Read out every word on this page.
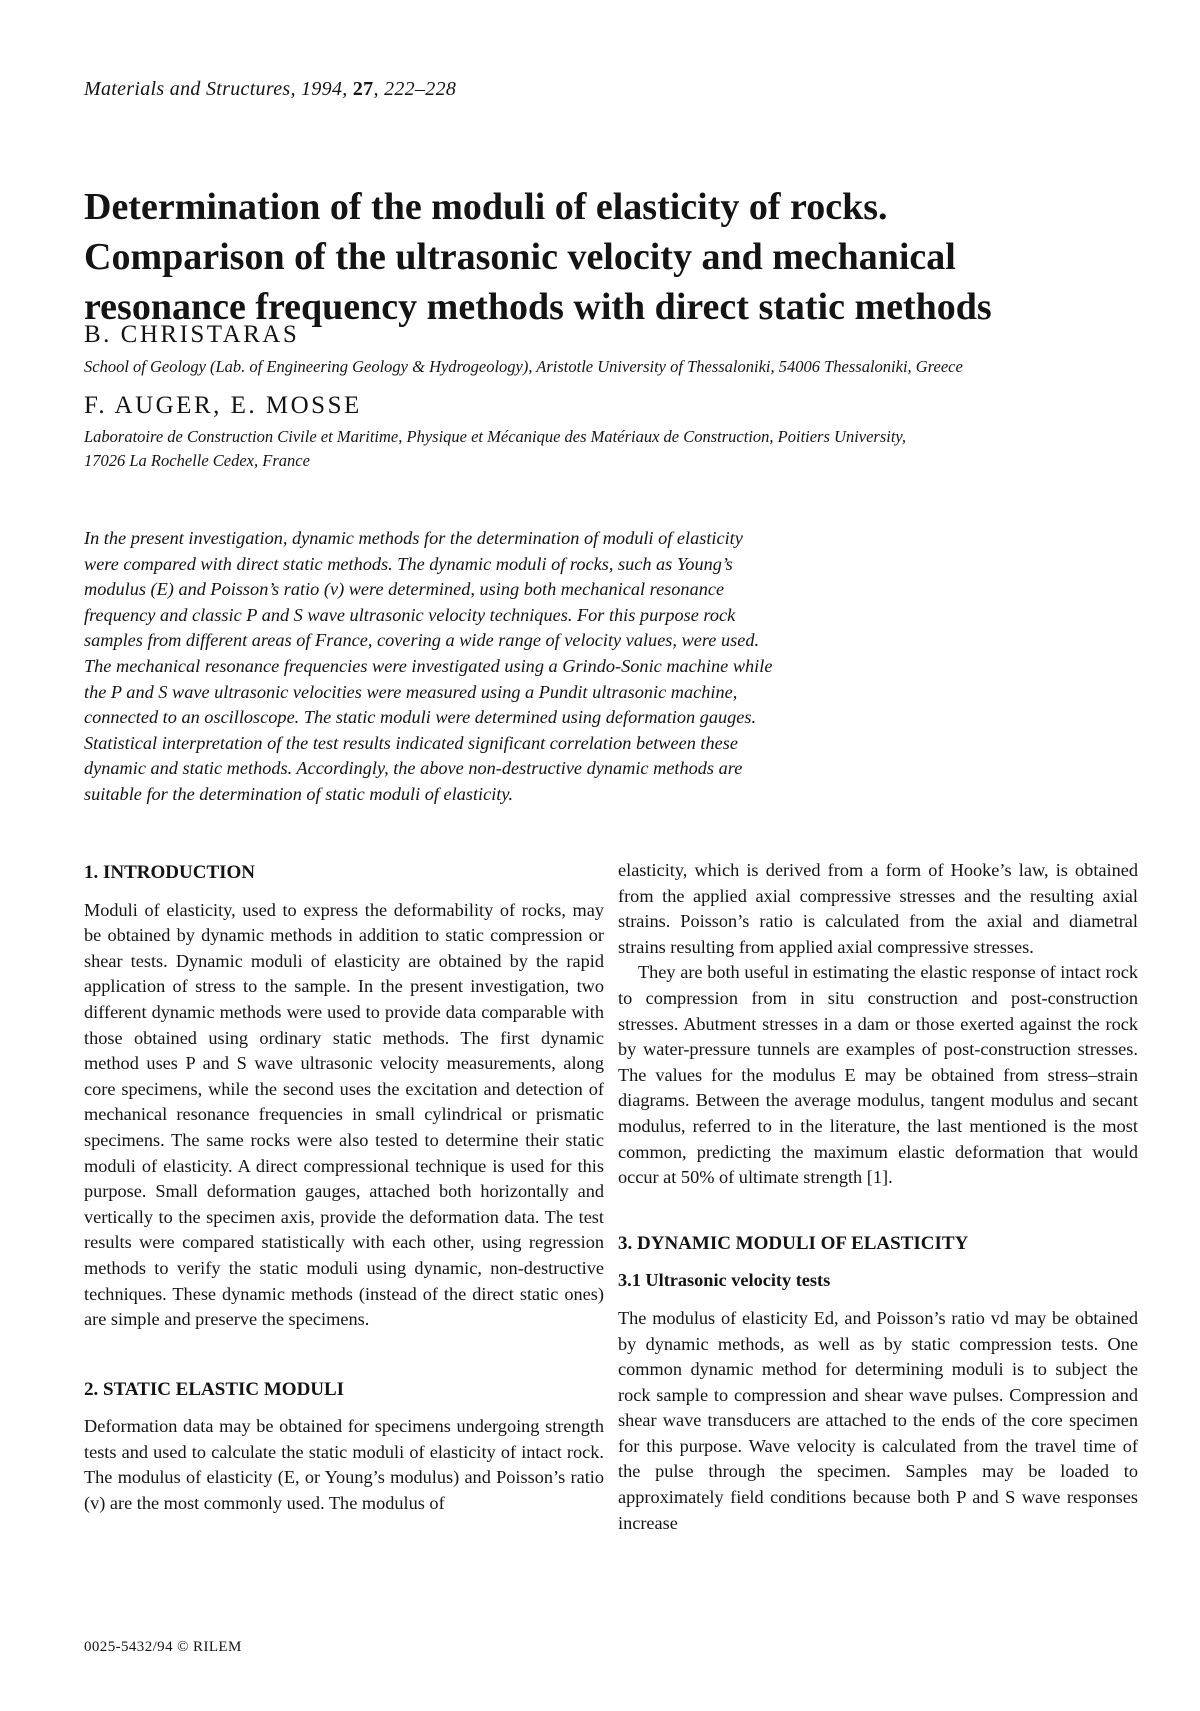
Materials and Structures, 1994, 27, 222–228
Determination of the moduli of elasticity of rocks.
Comparison of the ultrasonic velocity and mechanical
resonance frequency methods with direct static methods
B. CHRISTARAS
School of Geology (Lab. of Engineering Geology & Hydrogeology), Aristotle University of Thessaloniki, 54006 Thessaloniki, Greece
F. AUGER, E. MOSSE
Laboratoire de Construction Civile et Maritime, Physique et Mécanique des Matériaux de Construction, Poitiers University,
17026 La Rochelle Cedex, France
In the present investigation, dynamic methods for the determination of moduli of elasticity
were compared with direct static methods. The dynamic moduli of rocks, such as Young’s
modulus (E) and Poisson’s ratio (v) were determined, using both mechanical resonance
frequency and classic P and S wave ultrasonic velocity techniques. For this purpose rock
samples from different areas of France, covering a wide range of velocity values, were used.
The mechanical resonance frequencies were investigated using a Grindo-Sonic machine while
the P and S wave ultrasonic velocities were measured using a Pundit ultrasonic machine,
connected to an oscilloscope. The static moduli were determined using deformation gauges.
Statistical interpretation of the test results indicated significant correlation between these
dynamic and static methods. Accordingly, the above non-destructive dynamic methods are
suitable for the determination of static moduli of elasticity.
1. INTRODUCTION

Moduli of elasticity, used to express the deformability of rocks, may be obtained by dynamic methods in addition to static compression or shear tests. Dynamic moduli of elasticity are obtained by the rapid application of stress to the sample. In the present investigation, two different dynamic methods were used to provide data comparable with those obtained using ordinary static methods. The first dynamic method uses P and S wave ultrasonic velocity measurements, along core specimens, while the second uses the excitation and detection of mechanical resonance frequencies in small cylindrical or prismatic specimens. The same rocks were also tested to determine their static moduli of elasticity. A direct compressional technique is used for this purpose. Small deformation gauges, attached both horizontally and vertically to the specimen axis, provide the deformation data. The test results were compared statistically with each other, using regression methods to verify the static moduli using dynamic, non-destructive techniques. These dynamic methods (instead of the direct static ones) are simple and preserve the specimens.

2. STATIC ELASTIC MODULI

Deformation data may be obtained for specimens undergoing strength tests and used to calculate the static moduli of elasticity of intact rock. The modulus of elasticity (E, or Young’s modulus) and Poisson’s ratio (v) are the most commonly used. The modulus of

elasticity, which is derived from a form of Hooke’s law, is obtained from the applied axial compressive stresses and the resulting axial strains. Poisson’s ratio is calculated from the axial and diametral strains resulting from applied axial compressive stresses.

They are both useful in estimating the elastic response of intact rock to compression from in situ construction and post-construction stresses. Abutment stresses in a dam or those exerted against the rock by water-pressure tunnels are examples of post-construction stresses. The values for the modulus E may be obtained from stress–strain diagrams. Between the average modulus, tangent modulus and secant modulus, referred to in the literature, the last mentioned is the most common, predicting the maximum elastic deformation that would occur at 50% of ultimate strength [1].

3. DYNAMIC MODULI OF ELASTICITY
3.1 Ultrasonic velocity tests

The modulus of elasticity Ed, and Poisson’s ratio vd may be obtained by dynamic methods, as well as by static compression tests. One common dynamic method for determining moduli is to subject the rock sample to compression and shear wave pulses. Compression and shear wave transducers are attached to the ends of the core specimen for this purpose. Wave velocity is calculated from the travel time of the pulse through the specimen. Samples may be loaded to approximately field conditions because both P and S wave responses increase

0025-5432/94 © RILEM
